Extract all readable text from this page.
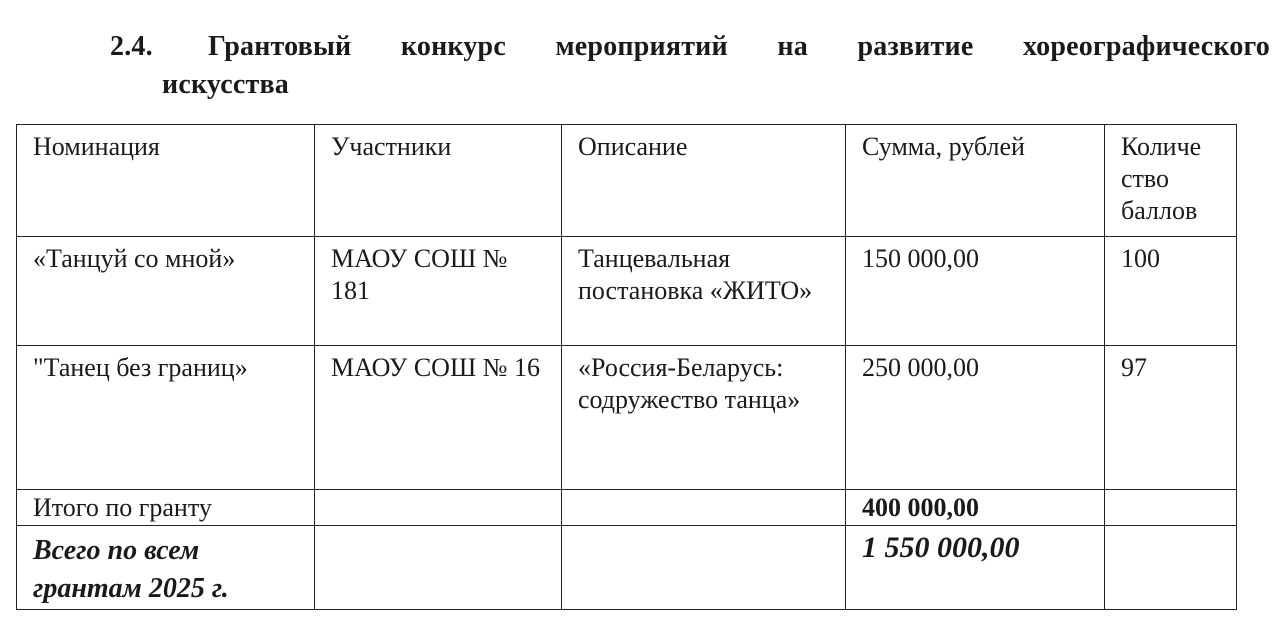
2.4.	Грантовый конкурс мероприятий на развитие хореографического
искусства
Номинация	Участники	Описание	Сумма, рублей	Количе ство баллов
«Танцуй со мной»	МАОУ СОШ № 181	Танцевальная постановка «ЖИТО»	150 000,00	100
"Танец без границ»	МАОУ СОШ № 16	«Россия-Беларусь: содружество танца»	250 000,00	97
Итого по гранту			400 000,00	
Всего по всем грантам 2025 г.			1 550 000,00	
